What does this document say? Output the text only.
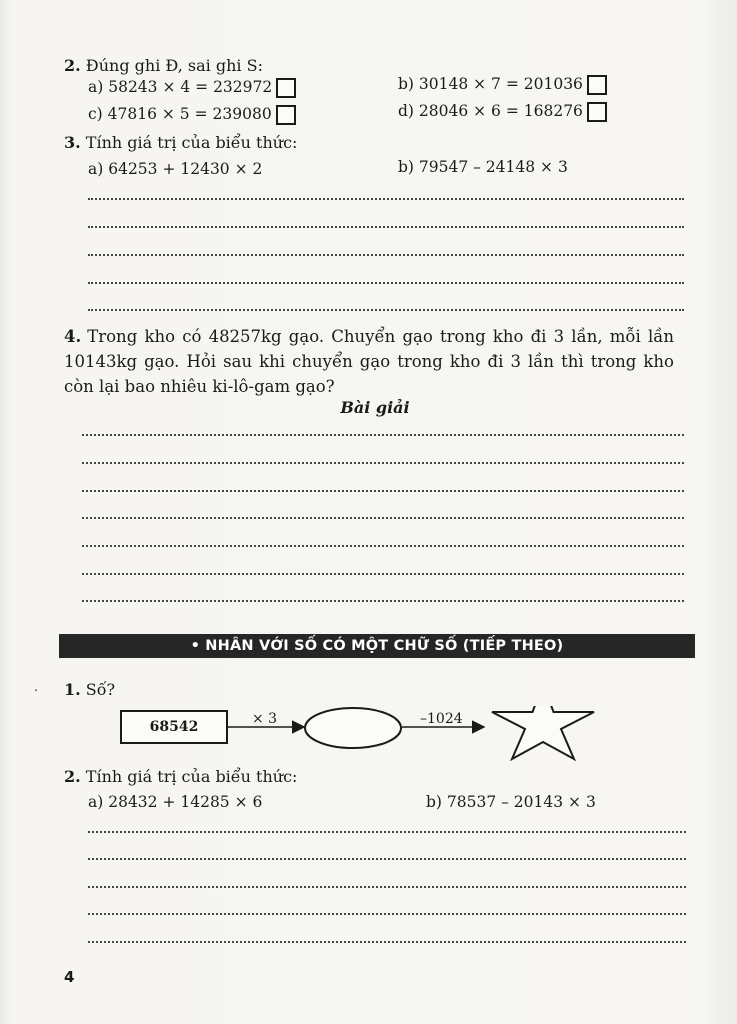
2. Đúng ghi Đ, sai ghi S:
a) 58243 × 4 = 232972	b) 30148 × 7 = 201036
c) 47816 × 5 = 239080	d) 28046 × 6 = 168276
3. Tính giá trị của biểu thức:
a) 64253 + 12430 × 2	b) 79547 – 24148 × 3
4. Trong kho có 48257kg gạo. Chuyển gạo trong kho đi 3 lần, mỗi lần 10143kg gạo. Hỏi sau khi chuyển gạo trong kho đi 3 lần thì trong kho còn lại bao nhiêu ki-lô-gam gạo?
Bài giải
• NHÂN VỚI SỐ CÓ MỘT CHỮ SỐ (TIẾP THEO)
1. Số?
.
68542	× 3	–1024
2. Tính giá trị của biểu thức:
a) 28432 + 14285 × 6	b) 78537 – 20143 × 3
4
